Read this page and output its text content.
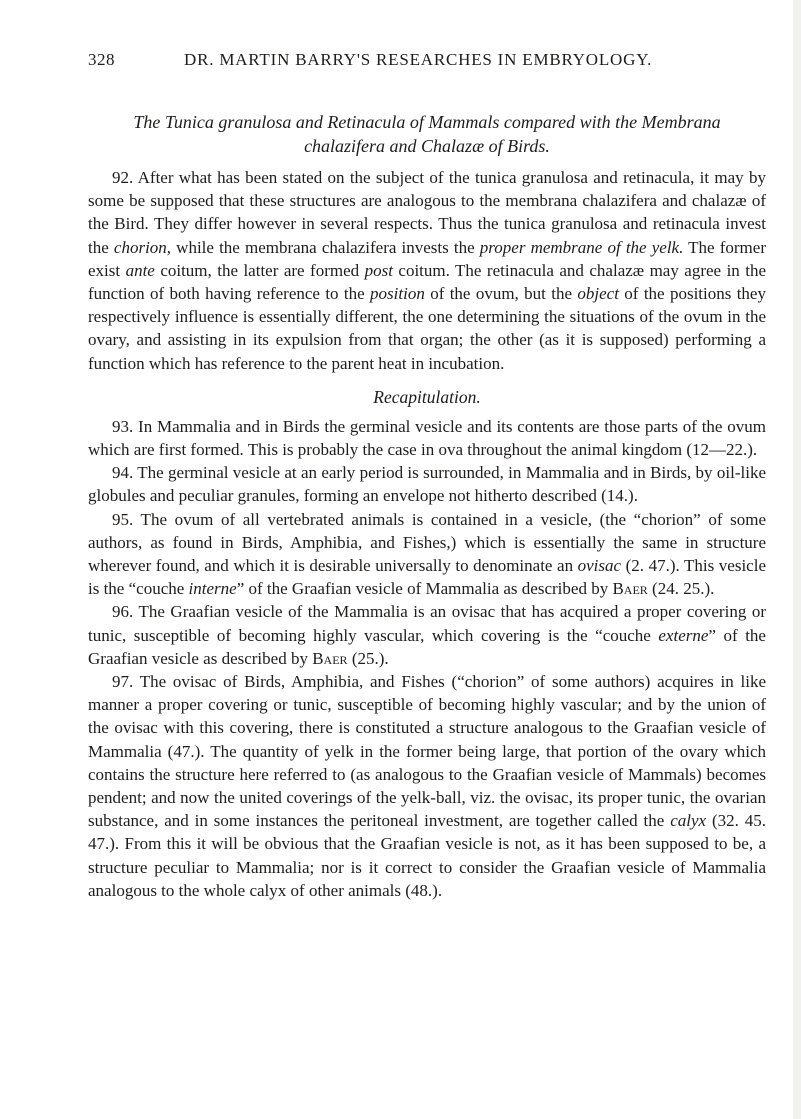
328	DR. MARTIN BARRY'S RESEARCHES IN EMBRYOLOGY.
The Tunica granulosa and Retinacula of Mammals compared with the Membrana
chalazifera and Chalazæ of Birds.

92. After what has been stated on the subject of the tunica granulosa and retinacula, it may by some be supposed that these structures are analogous to the membrana chalazifera and chalazæ of the Bird. They differ however in several respects. Thus the tunica granulosa and retinacula invest the chorion, while the membrana chalazifera invests the proper membrane of the yelk. The former exist ante coitum, the latter are formed post coitum. The retinacula and chalazæ may agree in the function of both having reference to the position of the ovum, but the object of the positions they respectively influence is essentially different, the one determining the situations of the ovum in the ovary, and assisting in its expulsion from that organ; the other (as it is supposed) performing a function which has reference to the parent heat in incubation.

Recapitulation.

93. In Mammalia and in Birds the germinal vesicle and its contents are those parts of the ovum which are first formed. This is probably the case in ova throughout the animal kingdom (12—22.).

94. The germinal vesicle at an early period is surrounded, in Mammalia and in Birds, by oil-like globules and peculiar granules, forming an envelope not hitherto described (14.).

95. The ovum of all vertebrated animals is contained in a vesicle, (the “chorion” of some authors, as found in Birds, Amphibia, and Fishes,) which is essentially the same in structure wherever found, and which it is desirable universally to denominate an ovisac (2. 47.). This vesicle is the “couche interne” of the Graafian vesicle of Mammalia as described by Baer (24. 25.).

96. The Graafian vesicle of the Mammalia is an ovisac that has acquired a proper covering or tunic, susceptible of becoming highly vascular, which covering is the “couche externe” of the Graafian vesicle as described by Baer (25.).

97. The ovisac of Birds, Amphibia, and Fishes (“chorion” of some authors) acquires in like manner a proper covering or tunic, susceptible of becoming highly vascular; and by the union of the ovisac with this covering, there is constituted a structure analogous to the Graafian vesicle of Mammalia (47.). The quantity of yelk in the former being large, that portion of the ovary which contains the structure here referred to (as analogous to the Graafian vesicle of Mammals) becomes pendent; and now the united coverings of the yelk-ball, viz. the ovisac, its proper tunic, the ovarian substance, and in some instances the peritoneal investment, are together called the calyx (32. 45. 47.). From this it will be obvious that the Graafian vesicle is not, as it has been supposed to be, a structure peculiar to Mammalia; nor is it correct to consider the Graafian vesicle of Mammalia analogous to the whole calyx of other animals (48.).
